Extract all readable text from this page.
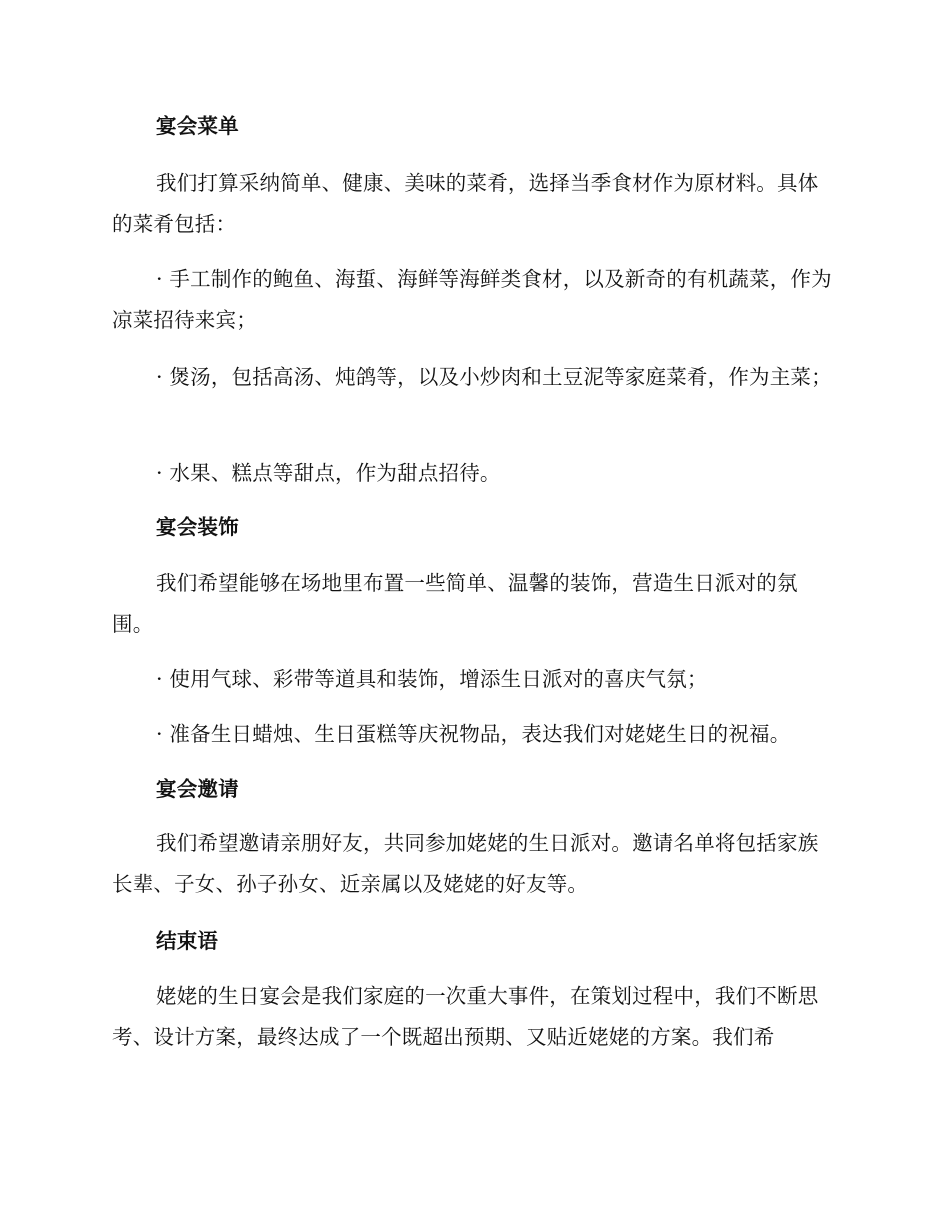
宴会菜单

我们打算采纳简单、健康、美味的菜肴，选择当季食材作为原材料。具体的菜肴包括：

· 手工制作的鲍鱼、海蜇、海鲜等海鲜类食材，以及新奇的有机蔬菜，作为凉菜招待来宾；

· 煲汤，包括高汤、炖鸽等，以及小炒肉和土豆泥等家庭菜肴，作为主菜；

· 水果、糕点等甜点，作为甜点招待。

宴会装饰

我们希望能够在场地里布置一些简单、温馨的装饰，营造生日派对的氛围。

· 使用气球、彩带等道具和装饰，增添生日派对的喜庆气氛；

· 准备生日蜡烛、生日蛋糕等庆祝物品，表达我们对姥姥生日的祝福。

宴会邀请

我们希望邀请亲朋好友，共同参加姥姥的生日派对。邀请名单将包括家族长辈、子女、孙子孙女、近亲属以及姥姥的好友等。

结束语

姥姥的生日宴会是我们家庭的一次重大事件，在策划过程中，我们不断思考、设计方案，最终达成了一个既超出预期、又贴近姥姥的方案。我们希
